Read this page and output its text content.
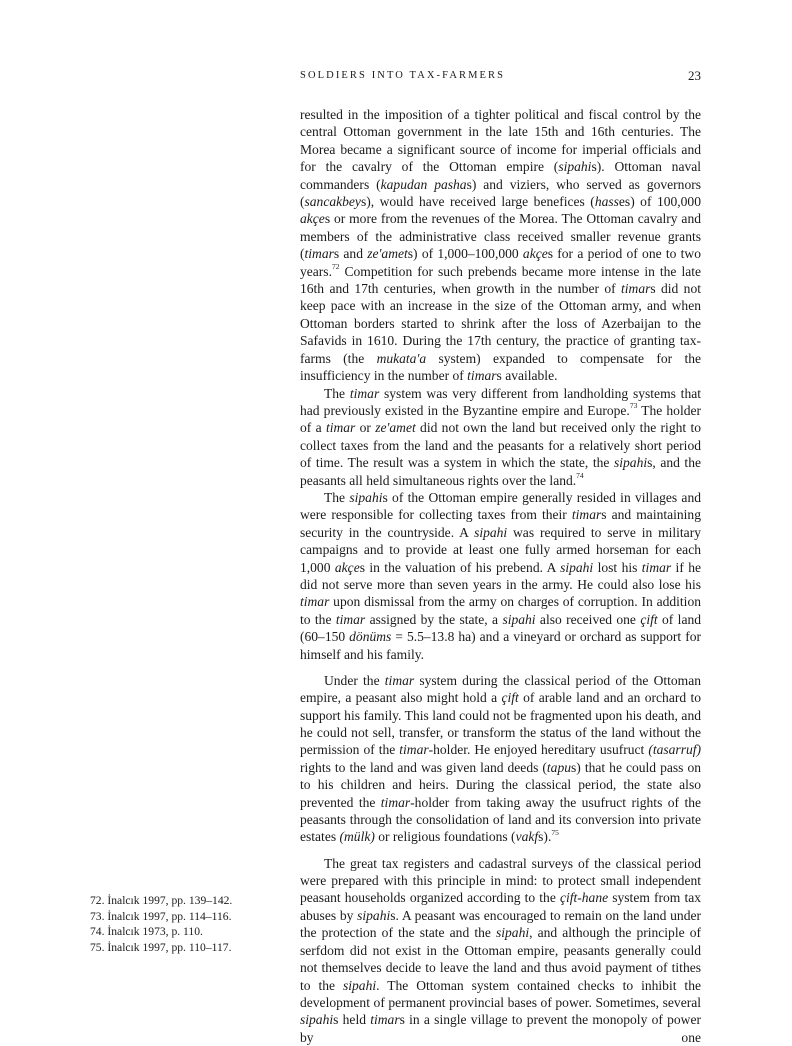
SOLDIERS INTO TAX-FARMERS	23

resulted in the imposition of a tighter political and fiscal control by the central Ottoman government in the late 15th and 16th centuries. The Morea became a significant source of income for imperial officials and for the cavalry of the Ottoman empire (sipahis). Ottoman naval commanders (kapudan pashas) and viziers, who served as governors (sancakbeys), would have received large benefices (hasses) of 100,000 akçes or more from the revenues of the Morea. The Ottoman cavalry and members of the administrative class received smaller revenue grants (timars and ze'amets) of 1,000–100,000 akçes for a period of one to two years.$^{72}$ Competition for such prebends became more intense in the late 16th and 17th centuries, when growth in the number of timars did not keep pace with an increase in the size of the Ottoman army, and when Ottoman borders started to shrink after the loss of Azerbaijan to the Safavids in 1610. During the 17th century, the practice of granting tax-farms (the mukata'a system) expanded to compensate for the insufficiency in the number of timars available.

The timar system was very different from landholding systems that had previously existed in the Byzantine empire and Europe.$^{73}$ The holder of a timar or ze'amet did not own the land but received only the right to collect taxes from the land and the peasants for a relatively short period of time. The result was a system in which the state, the sipahis, and the peasants all held simultaneous rights over the land.$^{74}$

The sipahis of the Ottoman empire generally resided in villages and were responsible for collecting taxes from their timars and maintaining security in the countryside. A sipahi was required to serve in military campaigns and to provide at least one fully armed horseman for each 1,000 akçes in the valuation of his prebend. A sipahi lost his timar if he did not serve more than seven years in the army. He could also lose his timar upon dismissal from the army on charges of corruption. In addition to the timar assigned by the state, a sipahi also received one çift of land (60–150 dönüms = 5.5–13.8 ha) and a vineyard or orchard as support for himself and his family.

Under the timar system during the classical period of the Ottoman empire, a peasant also might hold a çift of arable land and an orchard to support his family. This land could not be fragmented upon his death, and he could not sell, transfer, or transform the status of the land without the permission of the timar-holder. He enjoyed hereditary usufruct (tasarruf) rights to the land and was given land deeds (tapus) that he could pass on to his children and heirs. During the classical period, the state also prevented the timar-holder from taking away the usufruct rights of the peasants through the consolidation of land and its conversion into private estates (mülk) or religious foundations (vakfs).$^{75}$

The great tax registers and cadastral surveys of the classical period were prepared with this principle in mind: to protect small independent peasant households organized according to the çift-hane system from tax abuses by sipahis. A peasant was encouraged to remain on the land under the protection of the state and the sipahi, and although the principle of serfdom did not exist in the Ottoman empire, peasants generally could not themselves decide to leave the land and thus avoid payment of tithes to the sipahi. The Ottoman system contained checks to inhibit the development of permanent provincial bases of power. Sometimes, several sipahis held timars in a single village to prevent the monopoly of power by one

72. İnalcık 1997, pp. 139–142.
73. İnalcık 1997, pp. 114–116.
74. İnalcık 1973, p. 110.
75. İnalcık 1997, pp. 110–117.
